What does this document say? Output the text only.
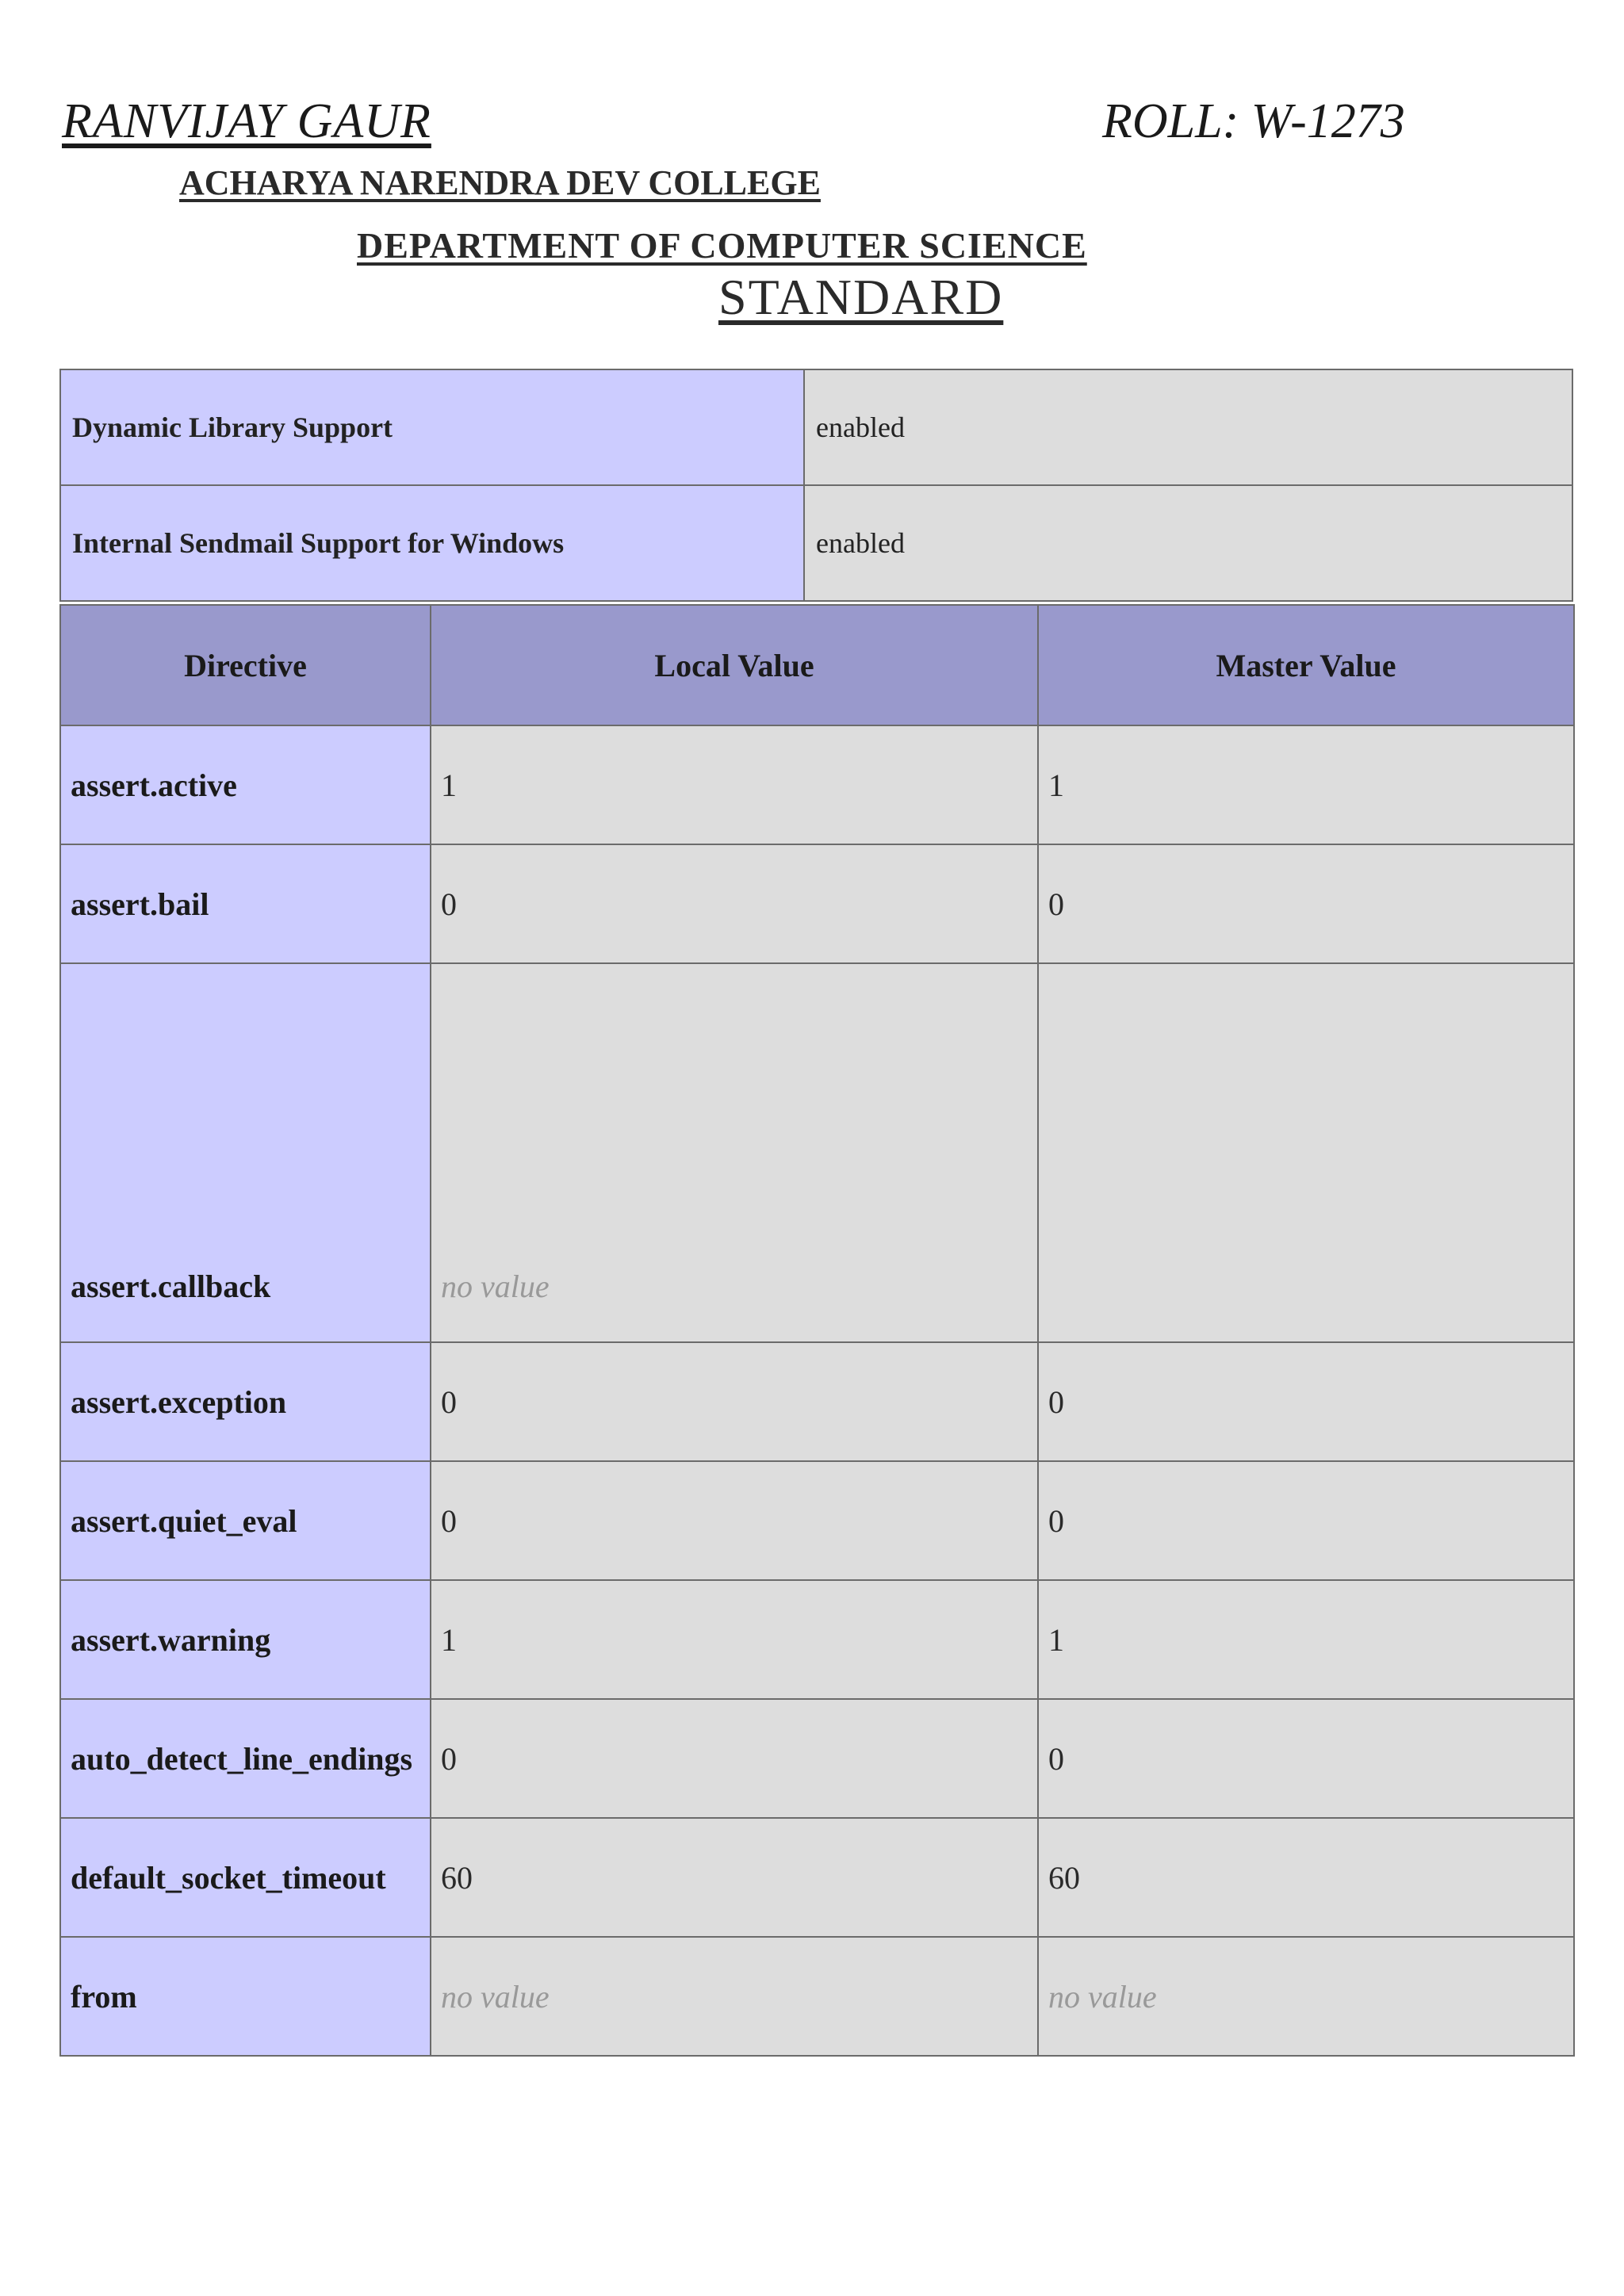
RANVIJAY GAUR	ROLL: W-1273
ACHARYA NARENDRA DEV COLLEGE
DEPARTMENT OF COMPUTER SCIENCE
STANDARD
Dynamic Library Support	enabled
Internal Sendmail Support for Windows	enabled
Directive	Local Value	Master Value
assert.active	1	1
assert.bail	0	0
assert.callback	no value	
assert.exception	0	0
assert.quiet_eval	0	0
assert.warning	1	1
auto_detect_line_endings	0	0
default_socket_timeout	60	60
from	no value	no value
